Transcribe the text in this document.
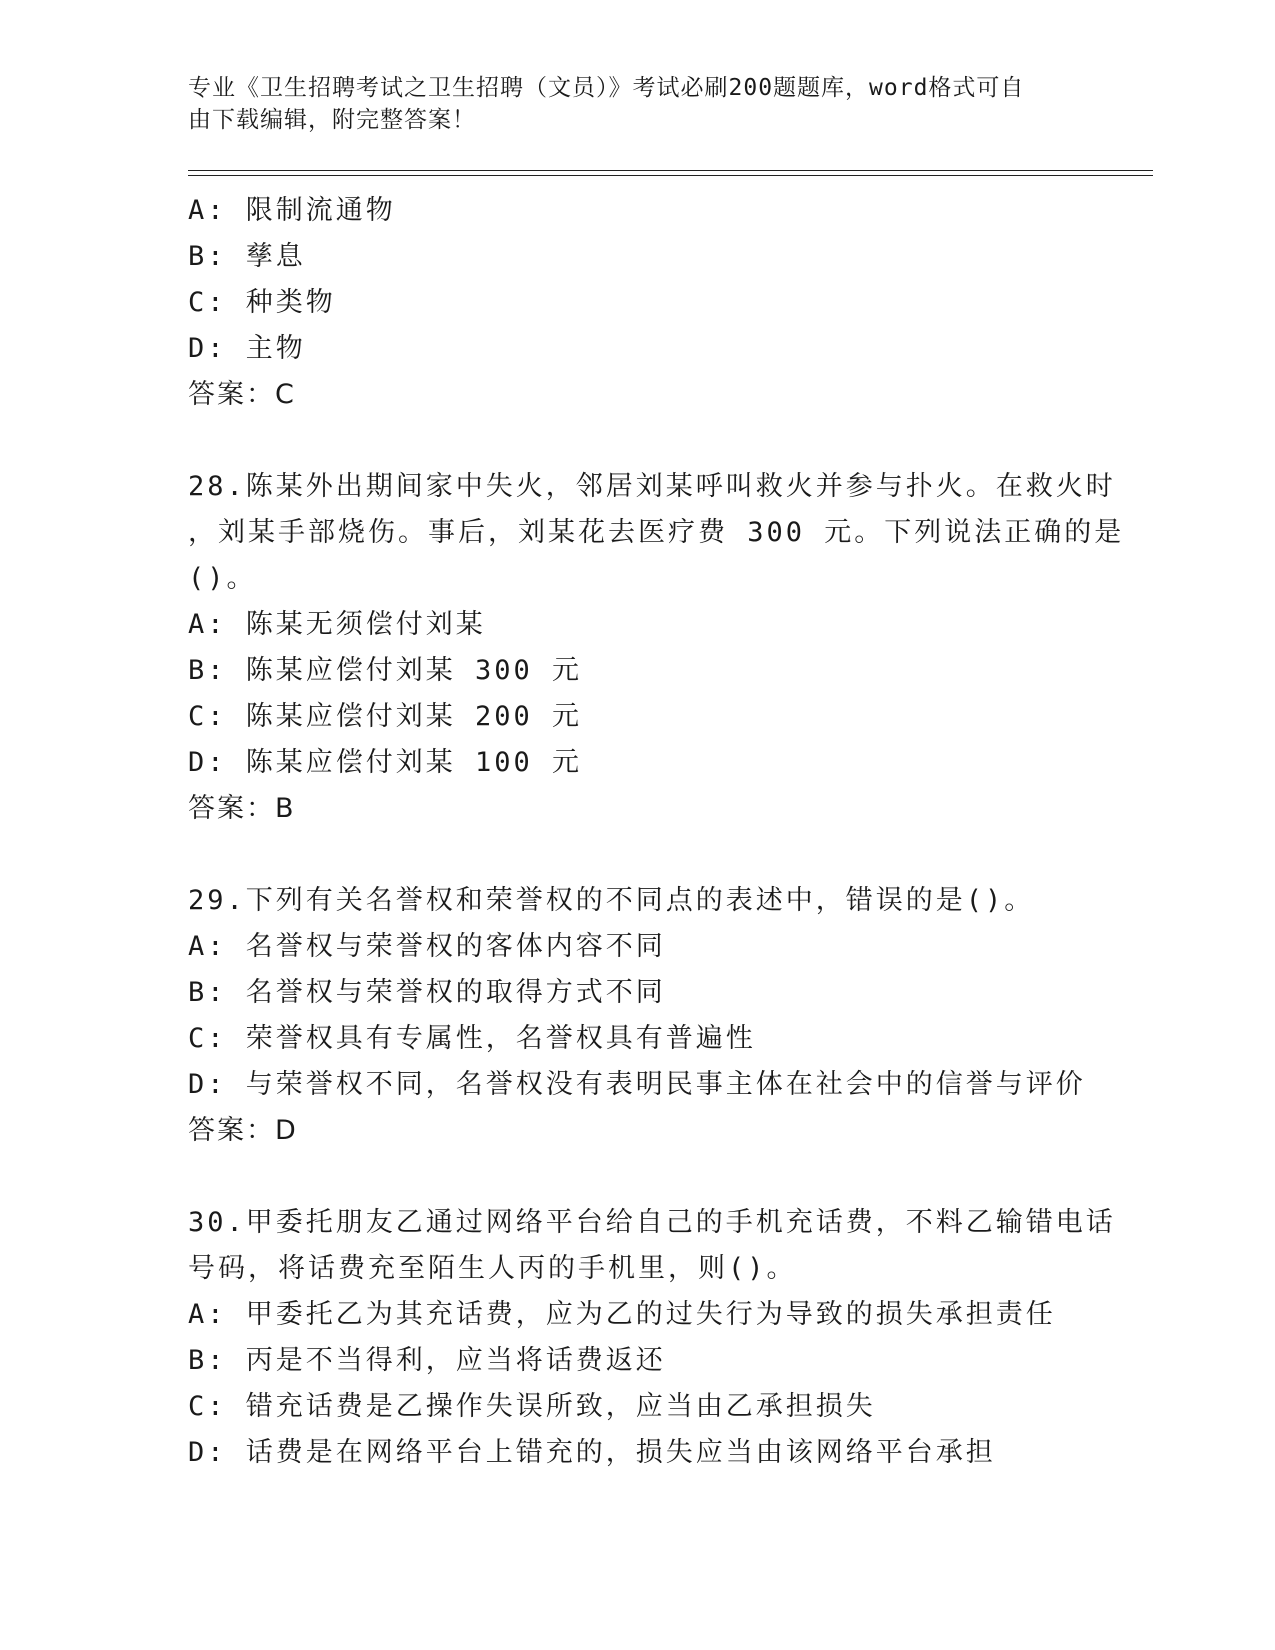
专业《卫生招聘考试之卫生招聘（文员）》考试必刷200题题库，word格式可自
由下载编辑，附完整答案！
A: 限制流通物
B: 孳息
C: 种类物
D: 主物
答案：C
28.陈某外出期间家中失火，邻居刘某呼叫救火并参与扑火。在救火时
，刘某手部烧伤。事后，刘某花去医疗费 300 元。下列说法正确的是
()。
A: 陈某无须偿付刘某
B: 陈某应偿付刘某 300 元
C: 陈某应偿付刘某 200 元
D: 陈某应偿付刘某 100 元
答案：B
29.下列有关名誉权和荣誉权的不同点的表述中，错误的是()。
A: 名誉权与荣誉权的客体内容不同
B: 名誉权与荣誉权的取得方式不同
C: 荣誉权具有专属性，名誉权具有普遍性
D: 与荣誉权不同，名誉权没有表明民事主体在社会中的信誉与评价
答案：D
30.甲委托朋友乙通过网络平台给自己的手机充话费，不料乙输错电话
号码，将话费充至陌生人丙的手机里，则()。
A: 甲委托乙为其充话费，应为乙的过失行为导致的损失承担责任
B: 丙是不当得利，应当将话费返还
C: 错充话费是乙操作失误所致，应当由乙承担损失
D: 话费是在网络平台上错充的，损失应当由该网络平台承担
